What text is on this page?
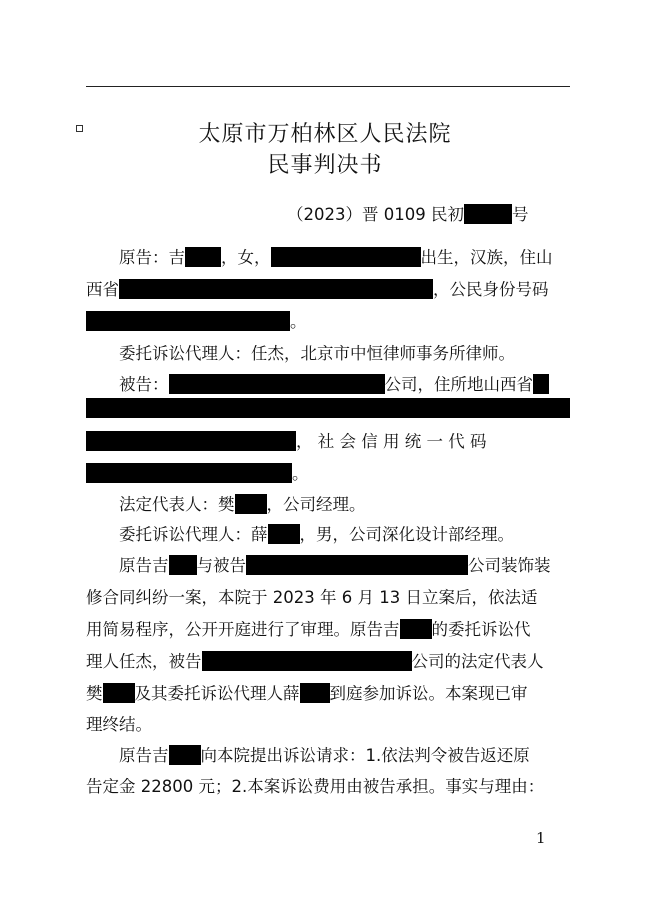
太原市万柏林区人民法院
民事判决书
（2023）晋 0109 民初	号
原告：吉 ，女，	出生，汉族，住山
西省	，公民身份号码
。
委托诉讼代理人：任杰，北京市中恒律师事务所律师。
被告：	公司，住所地山西省
， 社 会 信 用 统 一 代 码
。
法定代表人：樊 ，公司经理。
委托诉讼代理人：薛 ，男，公司深化设计部经理。
原告吉 与被告	公司装饰装
修合同纠纷一案，本院于 2023 年 6 月 13 日立案后，依法适
用简易程序，公开开庭进行了审理。原告吉 的委托诉讼代
理人任杰，被告	公司的法定代表人
樊 及其委托诉讼代理人薛 到庭参加诉讼。本案现已审
理终结。
原告吉 向本院提出诉讼请求：1.依法判令被告返还原
告定金 22800 元；2.本案诉讼费用由被告承担。事实与理由：
1
